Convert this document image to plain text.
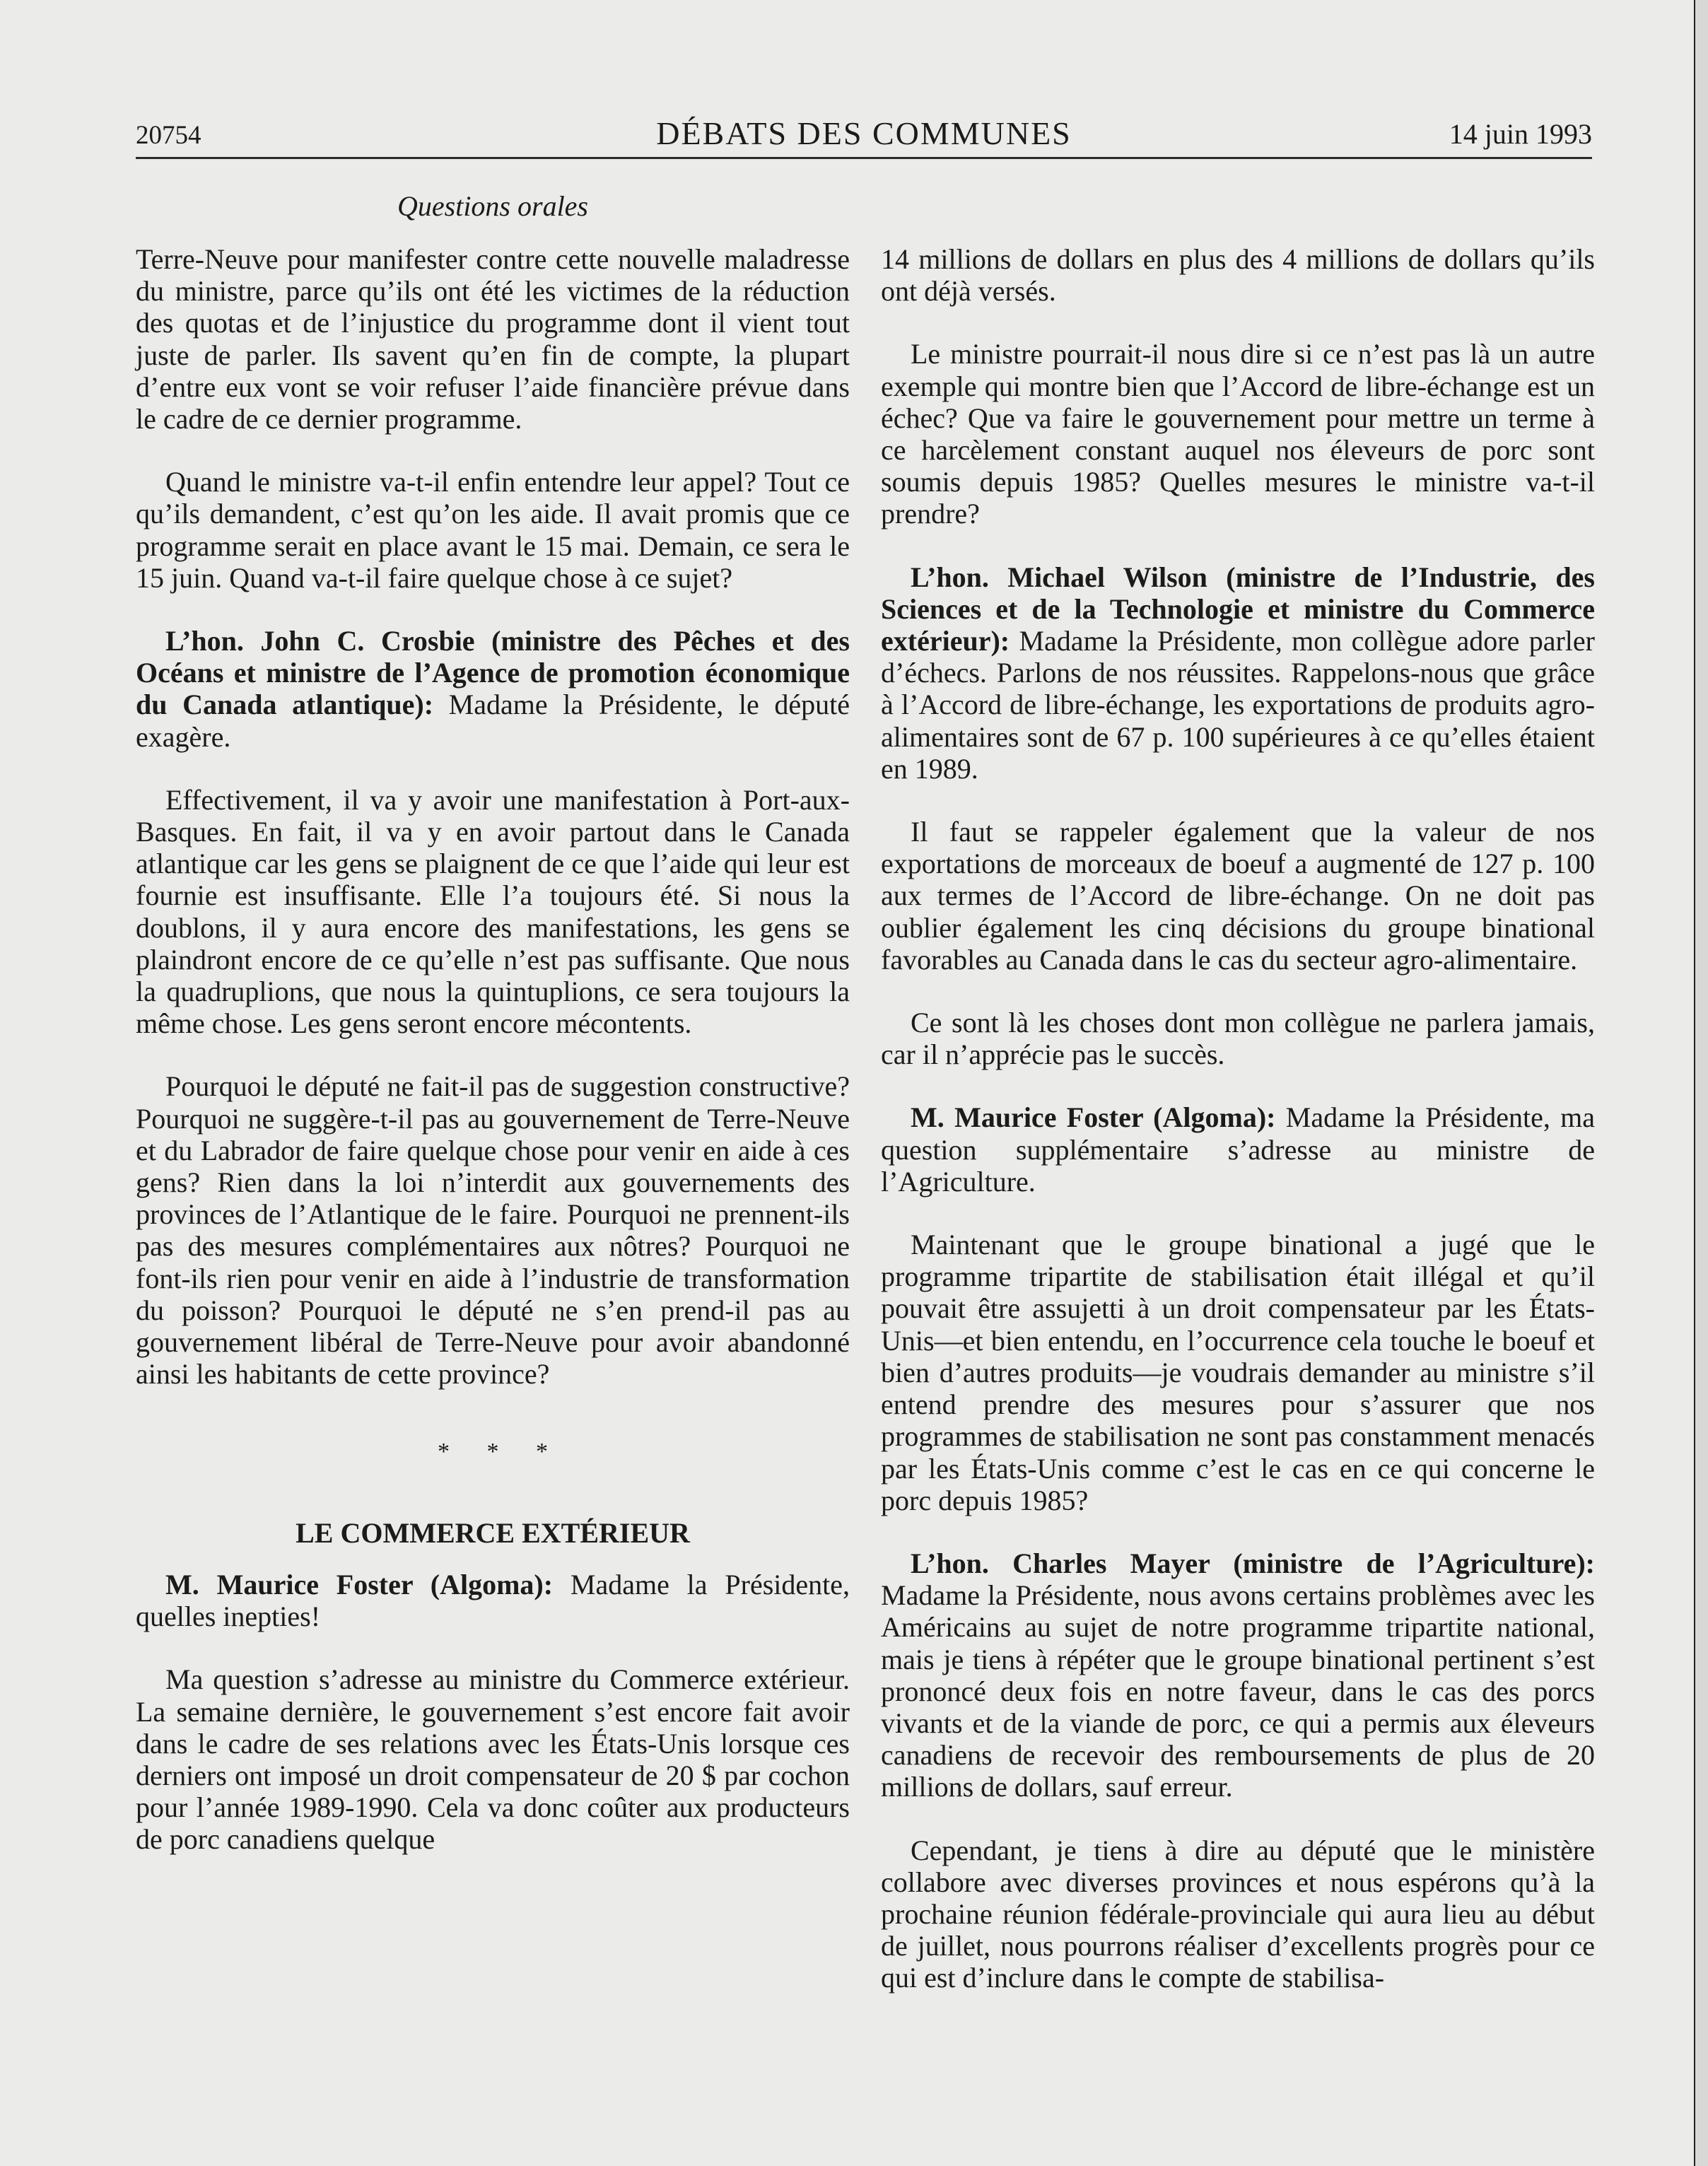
20754	DÉBATS DES COMMUNES	14 juin 1993
Questions orales

Terre-Neuve pour manifester contre cette nouvelle maladresse du ministre, parce qu’ils ont été les victimes de la réduction des quotas et de l’injustice du programme dont il vient tout juste de parler. Ils savent qu’en fin de compte, la plupart d’entre eux vont se voir refuser l’aide financière prévue dans le cadre de ce dernier programme.

Quand le ministre va-t-il enfin entendre leur appel? Tout ce qu’ils demandent, c’est qu’on les aide. Il avait promis que ce programme serait en place avant le 15 mai. Demain, ce sera le 15 juin. Quand va-t-il faire quelque chose à ce sujet?

L’hon. John C. Crosbie (ministre des Pêches et des Océans et ministre de l’Agence de promotion économique du Canada atlantique): Madame la Présidente, le député exagère.

Effectivement, il va y avoir une manifestation à Port-aux-Basques. En fait, il va y en avoir partout dans le Canada atlantique car les gens se plaignent de ce que l’aide qui leur est fournie est insuffisante. Elle l’a toujours été. Si nous la doublons, il y aura encore des manifestations, les gens se plaindront encore de ce qu’elle n’est pas suffisante. Que nous la quadruplions, que nous la quintuplions, ce sera toujours la même chose. Les gens seront encore mécontents.

Pourquoi le député ne fait-il pas de suggestion constructive? Pourquoi ne suggère-t-il pas au gouvernement de Terre-Neuve et du Labrador de faire quelque chose pour venir en aide à ces gens? Rien dans la loi n’interdit aux gouvernements des provinces de l’Atlantique de le faire. Pourquoi ne prennent-ils pas des mesures complémentaires aux nôtres? Pourquoi ne font-ils rien pour venir en aide à l’industrie de transformation du poisson? Pourquoi le député ne s’en prend-il pas au gouvernement libéral de Terre-Neuve pour avoir abandonné ainsi les habitants de cette province?

* * *
LE COMMERCE EXTÉRIEUR

M. Maurice Foster (Algoma): Madame la Présidente, quelles inepties!

Ma question s’adresse au ministre du Commerce extérieur. La semaine dernière, le gouvernement s’est encore fait avoir dans le cadre de ses relations avec les États-Unis lorsque ces derniers ont imposé un droit compensateur de 20 $ par cochon pour l’année 1989-1990. Cela va donc coûter aux producteurs de porc canadiens quelque

14 millions de dollars en plus des 4 millions de dollars qu’ils ont déjà versés.

Le ministre pourrait-il nous dire si ce n’est pas là un autre exemple qui montre bien que l’Accord de libre-échange est un échec? Que va faire le gouvernement pour mettre un terme à ce harcèlement constant auquel nos éleveurs de porc sont soumis depuis 1985? Quelles mesures le ministre va-t-il prendre?

L’hon. Michael Wilson (ministre de l’Industrie, des Sciences et de la Technologie et ministre du Commerce extérieur): Madame la Présidente, mon collègue adore parler d’échecs. Parlons de nos réussites. Rappelons-nous que grâce à l’Accord de libre-échange, les exportations de produits agro-alimentaires sont de 67 p. 100 supérieures à ce qu’elles étaient en 1989.

Il faut se rappeler également que la valeur de nos exportations de morceaux de boeuf a augmenté de 127 p. 100 aux termes de l’Accord de libre-échange. On ne doit pas oublier également les cinq décisions du groupe binational favorables au Canada dans le cas du secteur agro-alimentaire.

Ce sont là les choses dont mon collègue ne parlera jamais, car il n’apprécie pas le succès.

M. Maurice Foster (Algoma): Madame la Présidente, ma question supplémentaire s’adresse au ministre de l’Agriculture.

Maintenant que le groupe binational a jugé que le programme tripartite de stabilisation était illégal et qu’il pouvait être assujetti à un droit compensateur par les États-Unis—et bien entendu, en l’occurrence cela touche le boeuf et bien d’autres produits—je voudrais demander au ministre s’il entend prendre des mesures pour s’assurer que nos programmes de stabilisation ne sont pas constamment menacés par les États-Unis comme c’est le cas en ce qui concerne le porc depuis 1985?

L’hon. Charles Mayer (ministre de l’Agriculture): Madame la Présidente, nous avons certains problèmes avec les Américains au sujet de notre programme tripartite national, mais je tiens à répéter que le groupe binational pertinent s’est prononcé deux fois en notre faveur, dans le cas des porcs vivants et de la viande de porc, ce qui a permis aux éleveurs canadiens de recevoir des remboursements de plus de 20 millions de dollars, sauf erreur.

Cependant, je tiens à dire au député que le ministère collabore avec diverses provinces et nous espérons qu’à la prochaine réunion fédérale-provinciale qui aura lieu au début de juillet, nous pourrons réaliser d’excellents progrès pour ce qui est d’inclure dans le compte de stabilisa-
